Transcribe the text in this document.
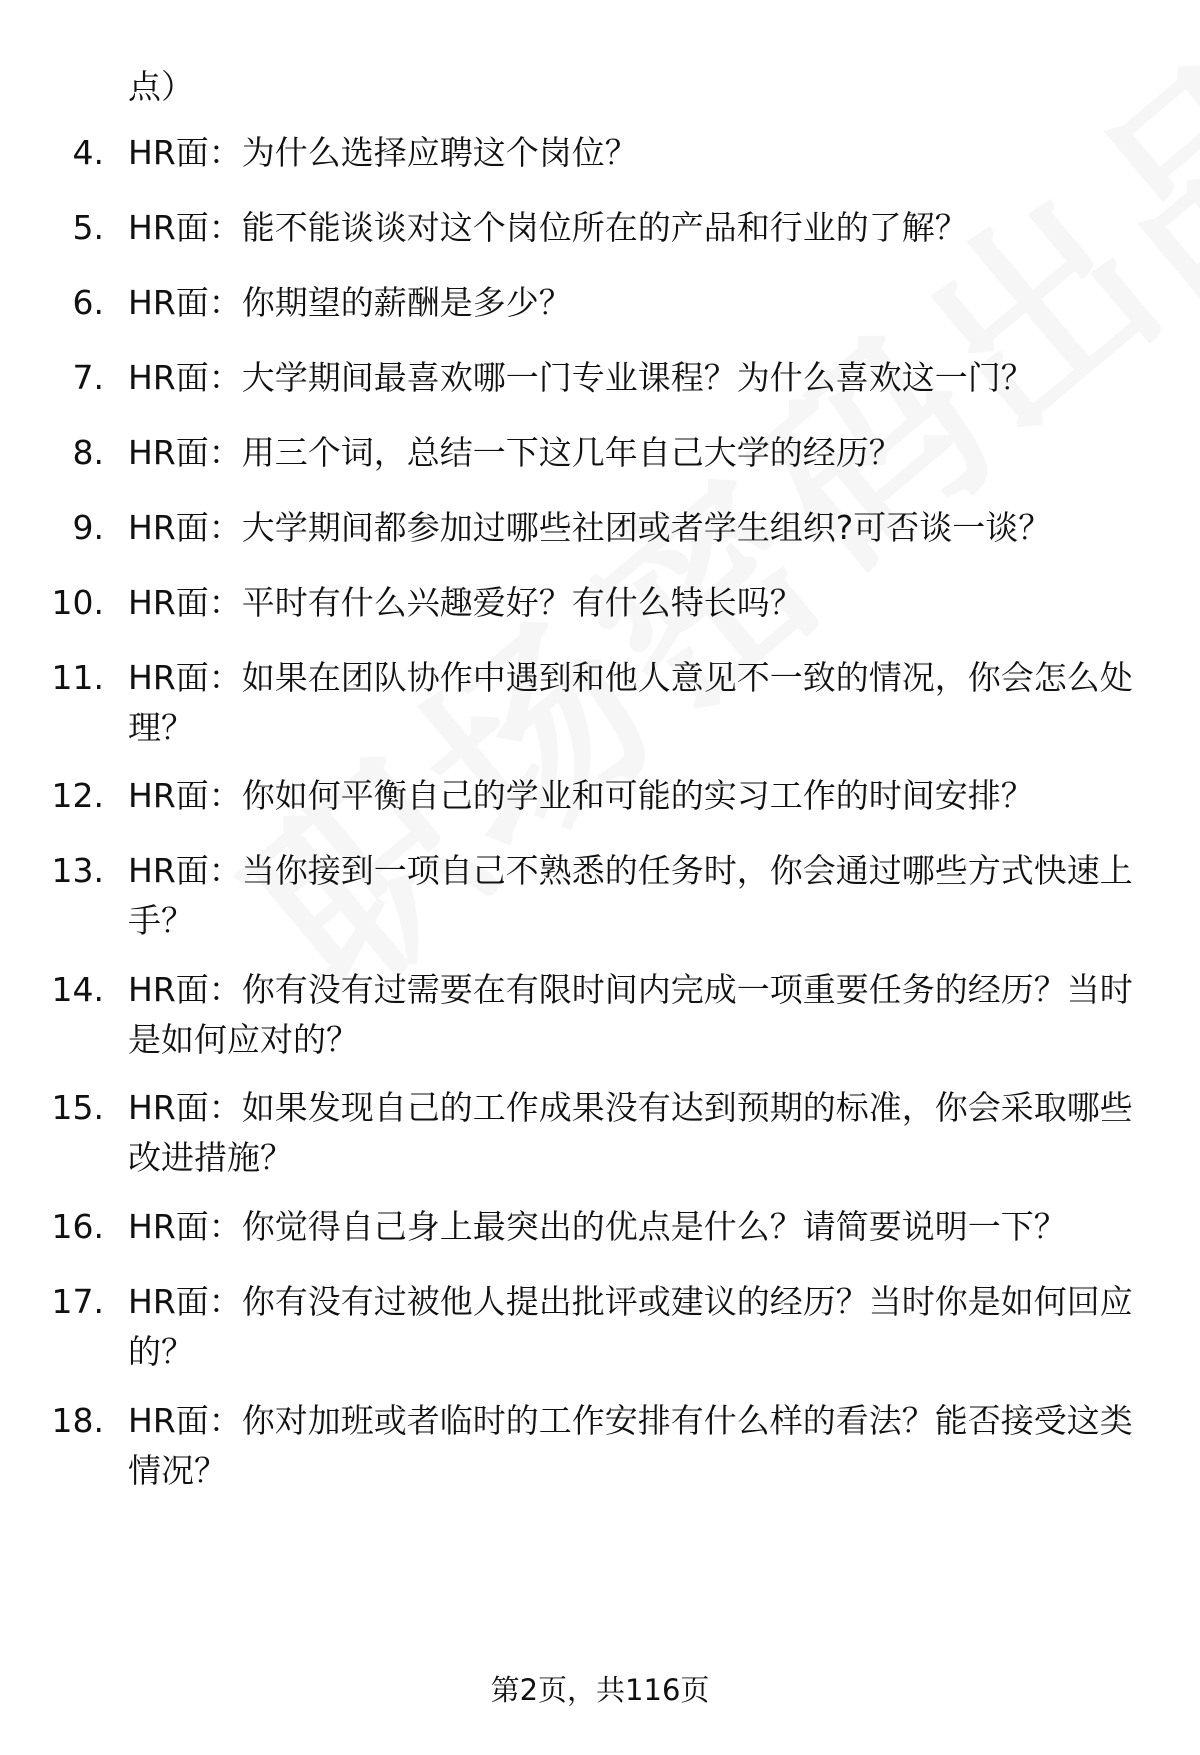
点）
4. HR面：为什么选择应聘这个岗位？
5. HR面：能不能谈谈对这个岗位所在的产品和行业的了解？
6. HR面：你期望的薪酬是多少？
7. HR面：大学期间最喜欢哪一门专业课程？为什么喜欢这一门？
8. HR面：用三个词，总结一下这几年自己大学的经历？
9. HR面：大学期间都参加过哪些社团或者学生组织?可否谈一谈？
10. HR面：平时有什么兴趣爱好？有什么特长吗？
11. HR面：如果在团队协作中遇到和他人意见不一致的情况，你会怎么处理？
12. HR面：你如何平衡自己的学业和可能的实习工作的时间安排？
13. HR面：当你接到一项自己不熟悉的任务时，你会通过哪些方式快速上手？
14. HR面：你有没有过需要在有限时间内完成一项重要任务的经历？当时是如何应对的？
15. HR面：如果发现自己的工作成果没有达到预期的标准，你会采取哪些改进措施？
16. HR面：你觉得自己身上最突出的优点是什么？请简要说明一下？
17. HR面：你有没有过被他人提出批评或建议的经历？当时你是如何回应的？
18. HR面：你对加班或者临时的工作安排有什么样的看法？能否接受这类情况？
第2页，共116页
